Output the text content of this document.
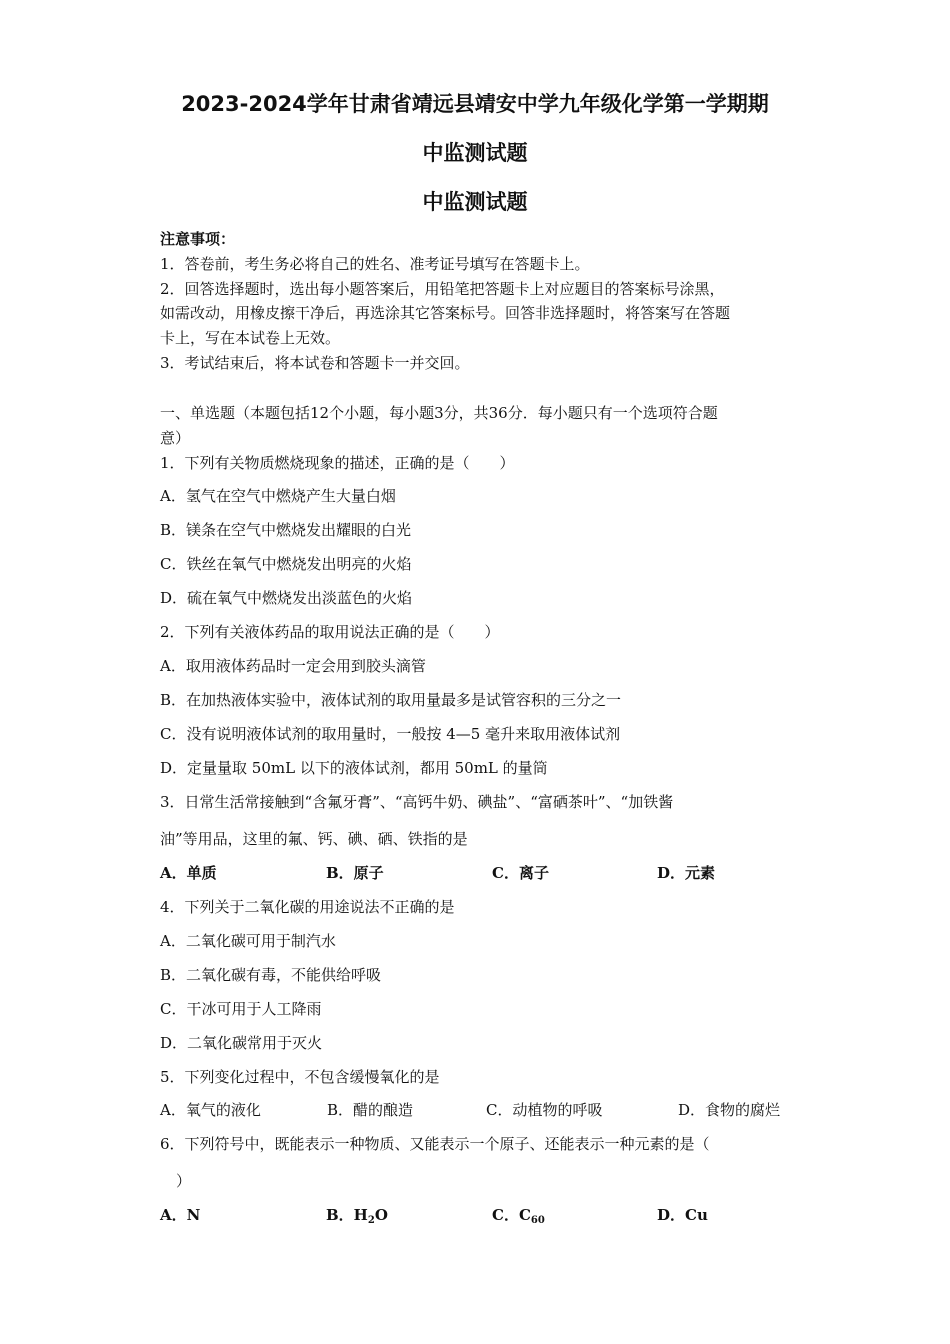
2023-2024学年甘肃省靖远县靖安中学九年级化学第一学期期
中监测试题
中监测试题
注意事项：
1．答卷前，考生务必将自己的姓名、准考证号填写在答题卡上。
2．回答选择题时，选出每小题答案后，用铅笔把答题卡上对应题目的答案标号涂黑，
如需改动，用橡皮擦干净后，再选涂其它答案标号。回答非选择题时，将答案写在答题
卡上，写在本试卷上无效。
3．考试结束后，将本试卷和答题卡一并交回。
一、单选题（本题包括12个小题，每小题3分，共36分．每小题只有一个选项符合题
意）
1．下列有关物质燃烧现象的描述，正确的是（　　）
A．氢气在空气中燃烧产生大量白烟
B．镁条在空气中燃烧发出耀眼的白光
C．铁丝在氧气中燃烧发出明亮的火焰
D．硫在氧气中燃烧发出淡蓝色的火焰
2．下列有关液体药品的取用说法正确的是（　　）
A．取用液体药品时一定会用到胶头滴管
B．在加热液体实验中，液体试剂的取用量最多是试管容积的三分之一
C．没有说明液体试剂的取用量时，一般按 4—5 毫升来取用液体试剂
D．定量量取 50mL 以下的液体试剂，都用 50mL 的量筒
3．日常生活常接触到“含氟牙膏”、“高钙牛奶、碘盐”、“富硒茶叶”、“加铁酱
油”等用品，这里的氟、钙、碘、硒、铁指的是
A．单质	B．原子	C．离子	D．元素
4．下列关于二氧化碳的用途说法不正确的是
A．二氧化碳可用于制汽水
B．二氧化碳有毒，不能供给呼吸
C．干冰可用于人工降雨
D．二氧化碳常用于灭火
5．下列变化过程中，不包含缓慢氧化的是
A．氧气的液化	B．醋的酿造	C．动植物的呼吸	D．食物的腐烂
6．下列符号中，既能表示一种物质、又能表示一个原子、还能表示一种元素的是（
）
A．N	B．$H_2O$	C．$C_{60}$	D．Cu
